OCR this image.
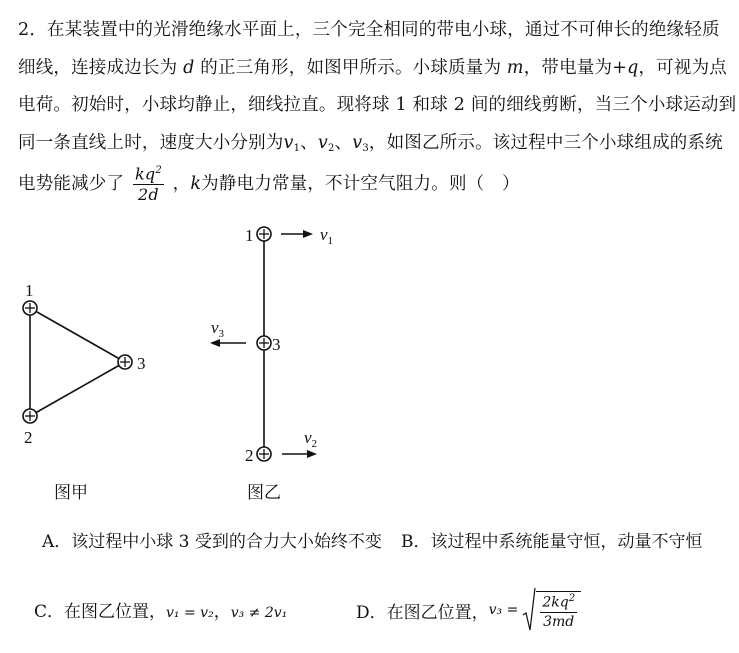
2．在某装置中的光滑绝缘水平面上，三个完全相同的带电小球，通过不可伸长的绝缘轻质
细线，连接成边长为 d 的正三角形，如图甲所示。小球质量为 m，带电量为+q，可视为点
电荷。初始时，小球均静止，细线拉直。现将球 1 和球 2 间的细线剪断，当三个小球运动到
同一条直线上时，速度大小分别为$v_1$、$v_2$、$v_3$，如图乙所示。该过程中三个小球组成的系统
电势能减少了 $\frac{kq^2}{2d}$ ，k为静电力常量，不计空气阻力。则（　）
1
2
3
图甲
1
3
2
$v_1$
$v_3$
$v_2$
图乙
A．该过程中小球 3 受到的合力大小始终不变 B．该过程中系统能量守恒，动量不守恒
C．在图乙位置，v₁ = v₂，v₃ ≠ 2v₁	D．在图乙位置， $v_3 = \frac{2kq^2}{3md}$
